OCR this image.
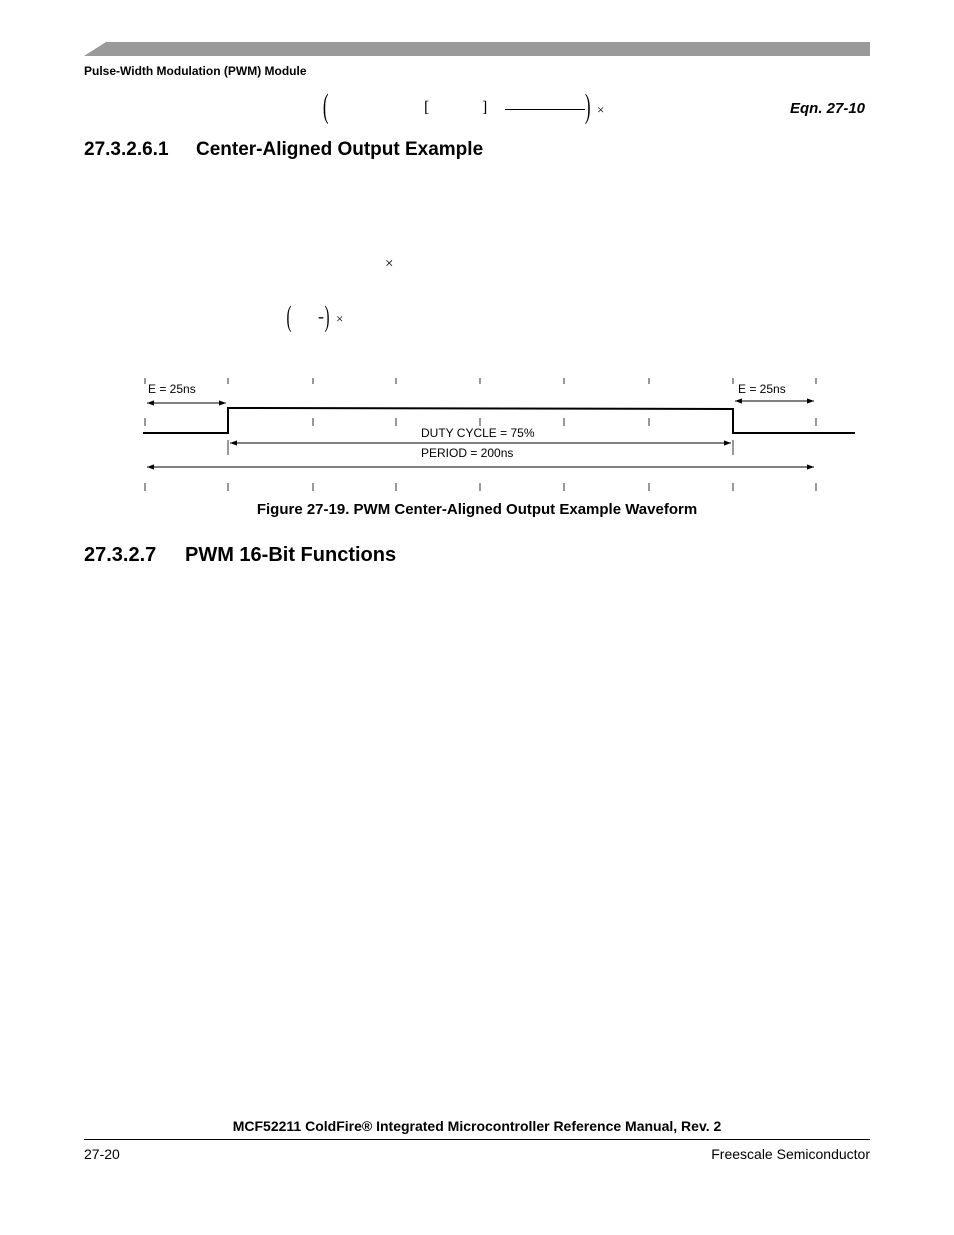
Pulse-Width Modulation (PWM) Module
(	[	]	) ×	Eqn. 27-10
27.3.2.6.1 Center-Aligned Output Example
×
( - ) ×
E = 25ns	E = 25ns
DUTY CYCLE = 75%
PERIOD = 200ns
Figure 27-19. PWM Center-Aligned Output Example Waveform
27.3.2.7 PWM 16-Bit Functions
MCF52211 ColdFire® Integrated Microcontroller Reference Manual, Rev. 2
27-20	Freescale Semiconductor
